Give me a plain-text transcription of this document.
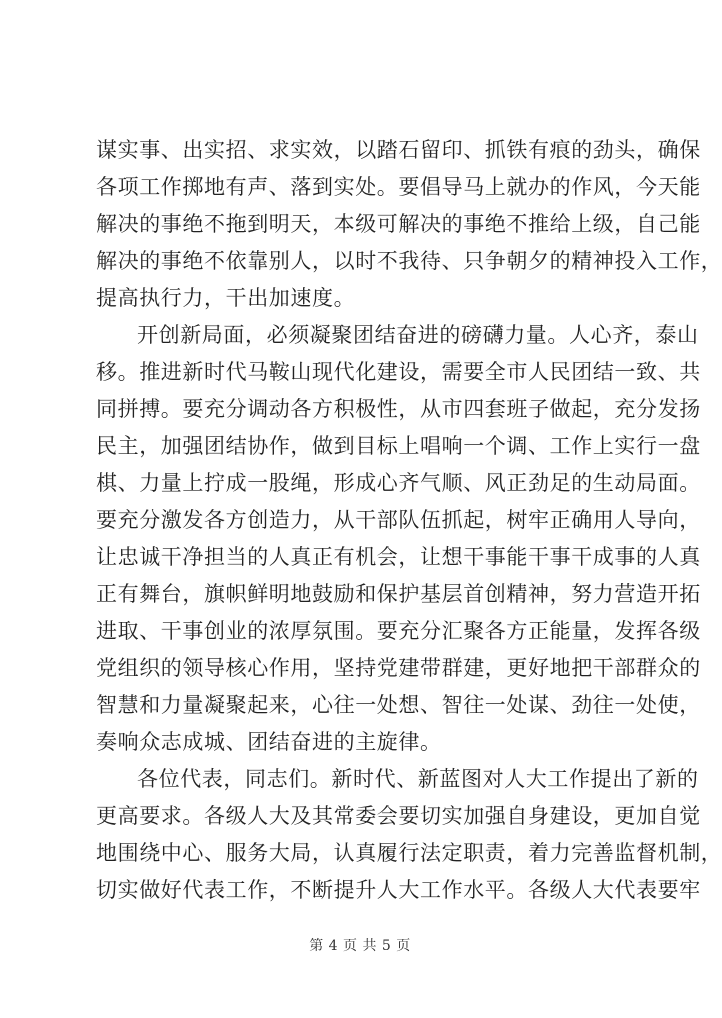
谋实事、出实招、求实效，以踏石留印、抓铁有痕的劲头，确保
各项工作掷地有声、落到实处。要倡导马上就办的作风，今天能
解决的事绝不拖到明天，本级可解决的事绝不推给上级，自己能
解决的事绝不依靠别人，以时不我待、只争朝夕的精神投入工作，
提高执行力，干出加速度。
开创新局面，必须凝聚团结奋进的磅礴力量。人心齐，泰山
移。推进新时代马鞍山现代化建设，需要全市人民团结一致、共
同拼搏。要充分调动各方积极性，从市四套班子做起，充分发扬
民主，加强团结协作，做到目标上唱响一个调、工作上实行一盘
棋、力量上拧成一股绳，形成心齐气顺、风正劲足的生动局面。
要充分激发各方创造力，从干部队伍抓起，树牢正确用人导向，
让忠诚干净担当的人真正有机会，让想干事能干事干成事的人真
正有舞台，旗帜鲜明地鼓励和保护基层首创精神，努力营造开拓
进取、干事创业的浓厚氛围。要充分汇聚各方正能量，发挥各级
党组织的领导核心作用，坚持党建带群建，更好地把干部群众的
智慧和力量凝聚起来，心往一处想、智往一处谋、劲往一处使，
奏响众志成城、团结奋进的主旋律。
各位代表，同志们。新时代、新蓝图对人大工作提出了新的
更高要求。各级人大及其常委会要切实加强自身建设，更加自觉
地围绕中心、服务大局，认真履行法定职责，着力完善监督机制，
切实做好代表工作，不断提升人大工作水平。各级人大代表要牢
第 4 页 共 5 页
